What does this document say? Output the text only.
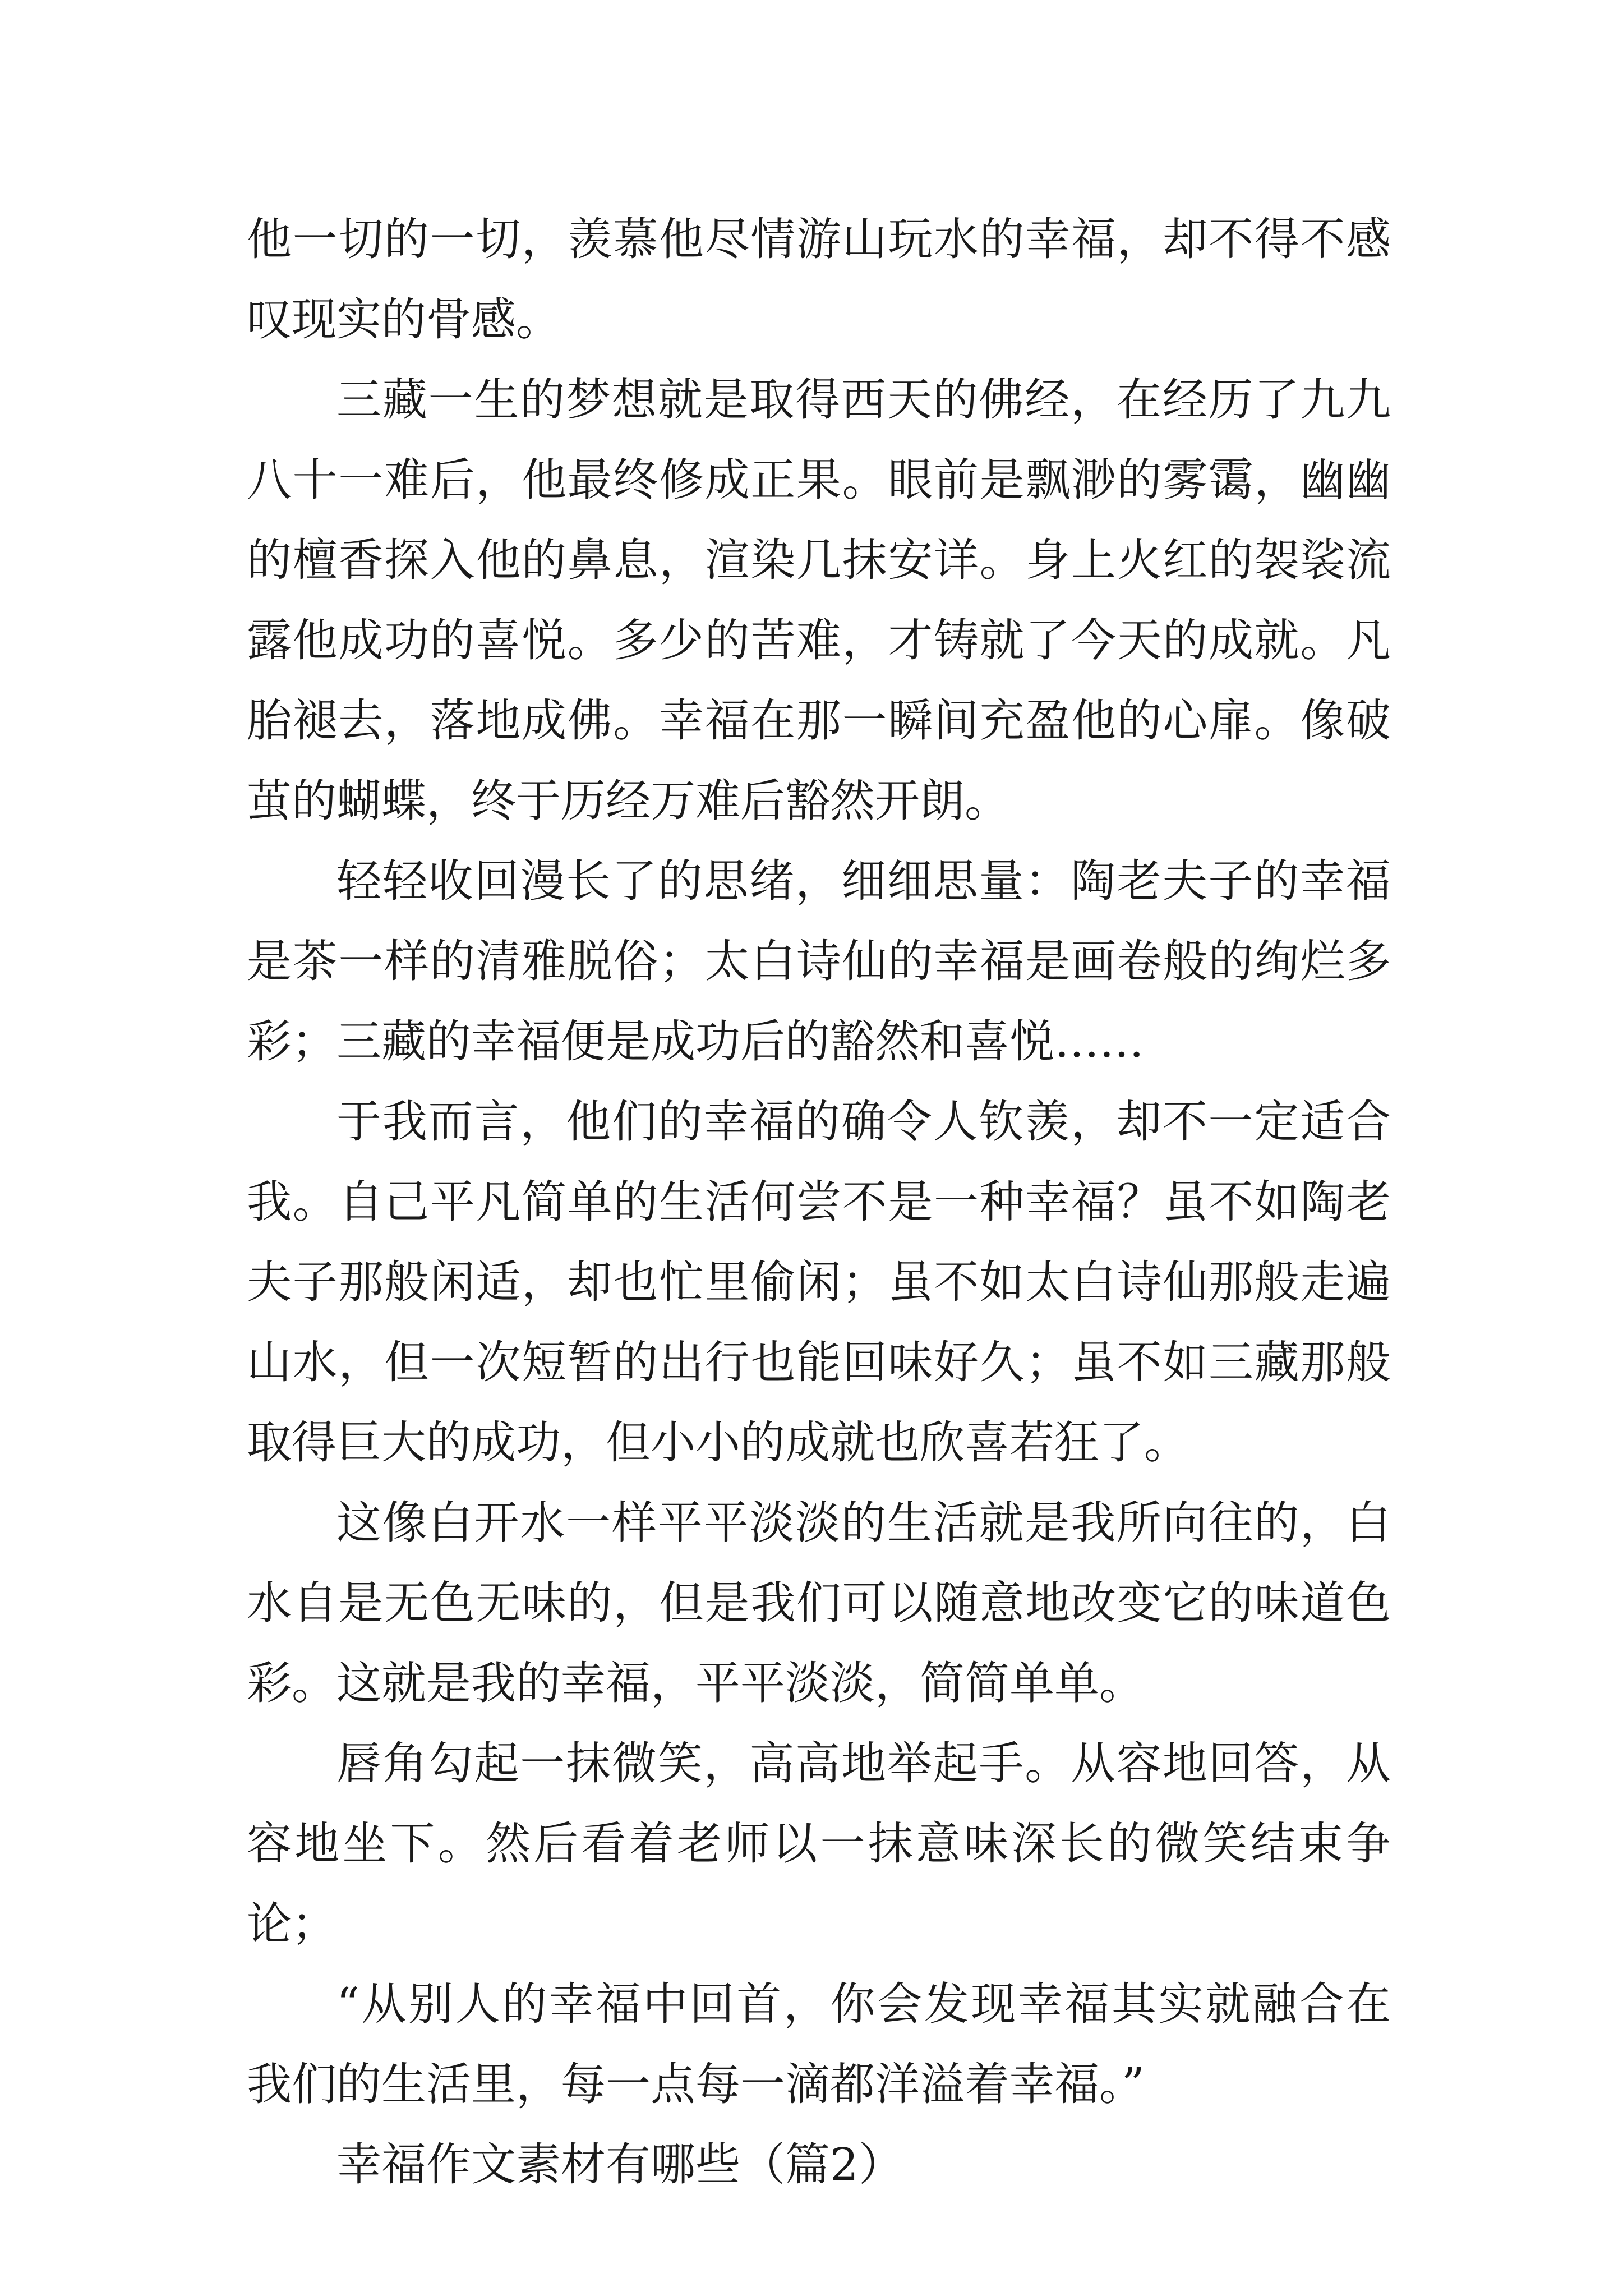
他一切的一切，羡慕他尽情游山玩水的幸福，却不得不感叹现实的骨感。

三藏一生的梦想就是取得西天的佛经，在经历了九九八十一难后，他最终修成正果。眼前是飘渺的雾霭，幽幽的檀香探入他的鼻息，渲染几抹安详。身上火红的袈裟流露他成功的喜悦。多少的苦难，才铸就了今天的成就。凡胎褪去，落地成佛。幸福在那一瞬间充盈他的心扉。像破茧的蝴蝶，终于历经万难后豁然开朗。

轻轻收回漫长了的思绪，细细思量：陶老夫子的幸福是茶一样的清雅脱俗；太白诗仙的幸福是画卷般的绚烂多彩；三藏的幸福便是成功后的豁然和喜悦……

于我而言，他们的幸福的确令人钦羡，却不一定适合我。自己平凡简单的生活何尝不是一种幸福？虽不如陶老夫子那般闲适，却也忙里偷闲；虽不如太白诗仙那般走遍山水，但一次短暂的出行也能回味好久；虽不如三藏那般取得巨大的成功，但小小的成就也欣喜若狂了。

这像白开水一样平平淡淡的生活就是我所向往的，白水自是无色无味的，但是我们可以随意地改变它的味道色彩。这就是我的幸福，平平淡淡，简简单单。

唇角勾起一抹微笑，高高地举起手。从容地回答，从容地坐下。然后看着老师以一抹意味深长的微笑结束争论；

“从别人的幸福中回首，你会发现幸福其实就融合在我们的生活里，每一点每一滴都洋溢着幸福。”

幸福作文素材有哪些（篇2）
